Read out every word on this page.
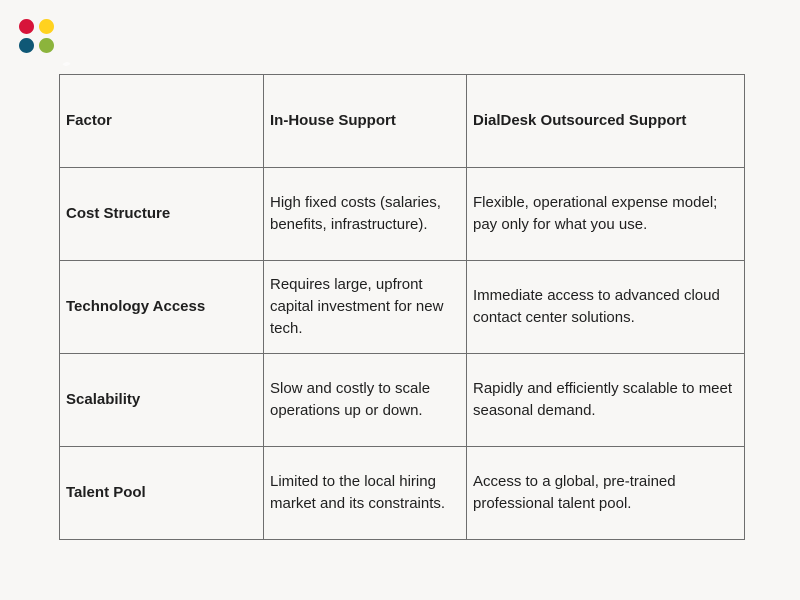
Factor	In-House Support	DialDesk Outsourced Support
Cost Structure	High fixed costs (salaries, benefits, infrastructure).	Flexible, operational expense model; pay only for what you use.
Technology Access	Requires large, upfront capital investment for new tech.	Immediate access to advanced cloud contact center solutions.
Scalability	Slow and costly to scale operations up or down.	Rapidly and efficiently scalable to meet seasonal demand.
Talent Pool	Limited to the local hiring market and its constraints.	Access to a global, pre-trained professional talent pool.
